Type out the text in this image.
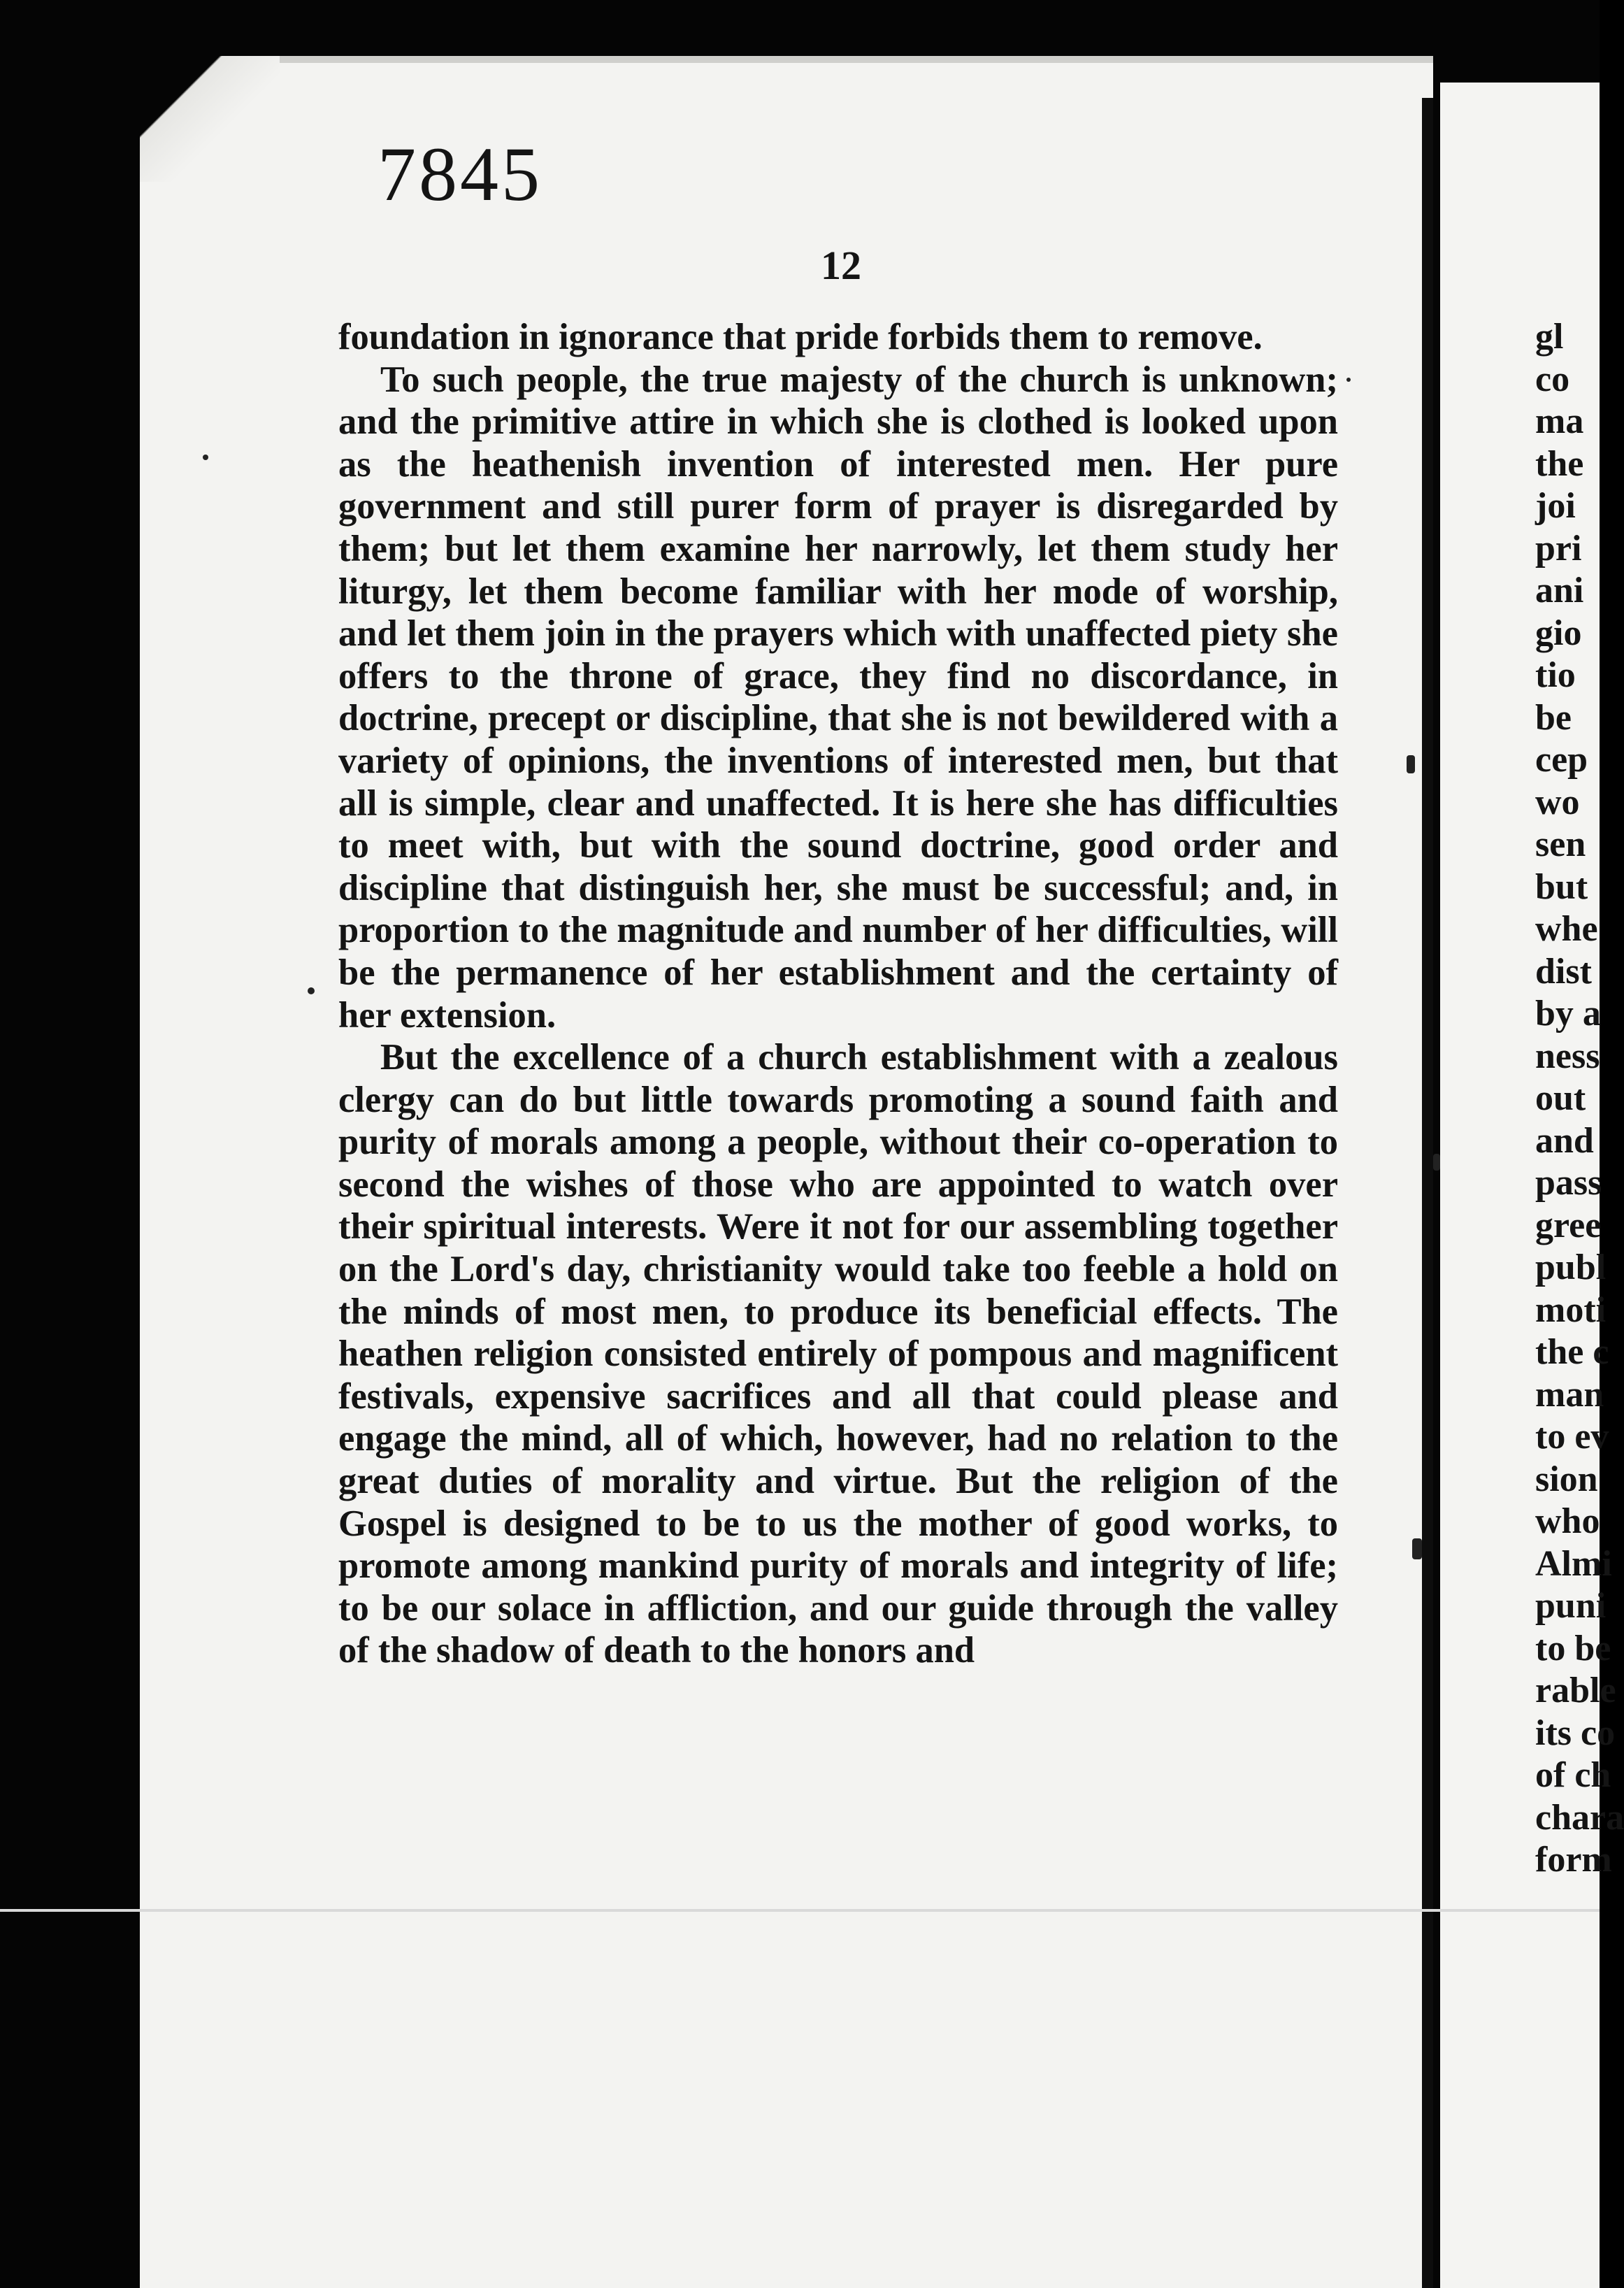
7845
12

foundation in ignorance that pride forbids them to remove.

To such people, the true majesty of the church is unknown; and the primitive attire in which she is clothed is looked upon as the heathenish invention of interested men. Her pure government and still purer form of prayer is disregarded by them; but let them examine her narrowly, let them study her liturgy, let them become familiar with her mode of worship, and let them join in the prayers which with unaffected piety she offers to the throne of grace, they find no discordance, in doctrine, precept or discipline, that she is not bewildered with a variety of opinions, the inventions of interested men, but that all is simple, clear and unaffected. It is here she has difficulties to meet with, but with the sound doctrine, good order and discipline that distinguish her, she must be successful; and, in proportion to the magnitude and number of her difficulties, will be the permanence of her establishment and the certainty of her extension.

But the excellence of a church establishment with a zealous clergy can do but little towards promoting a sound faith and purity of morals among a people, without their co-operation to second the wishes of those who are appointed to watch over their spiritual interests. Were it not for our assembling together on the Lord's day, christianity would take too feeble a hold on the minds of most men, to produce its beneficial effects. The heathen religion consisted entirely of pompous and magnificent festivals, expensive sacrifices and all that could please and engage the mind, all of which, however, had no relation to the great duties of morality and virtue. But the religion of the Gospel is designed to be to us the mother of good works, to promote among mankind purity of morals and integrity of life; to be our solace in affliction, and our guide through the valley of the shadow of death to the honors and

gl
co
ma
the
joi
pri
ani
gio
tio
be
cep
wo
sen
but
whe
dist
by a
ness
out
and
pass
gree
publ
moti
the c
man
to ev
sion
who
Almi
puni
to be
rable
its co
of ch
chara
form
